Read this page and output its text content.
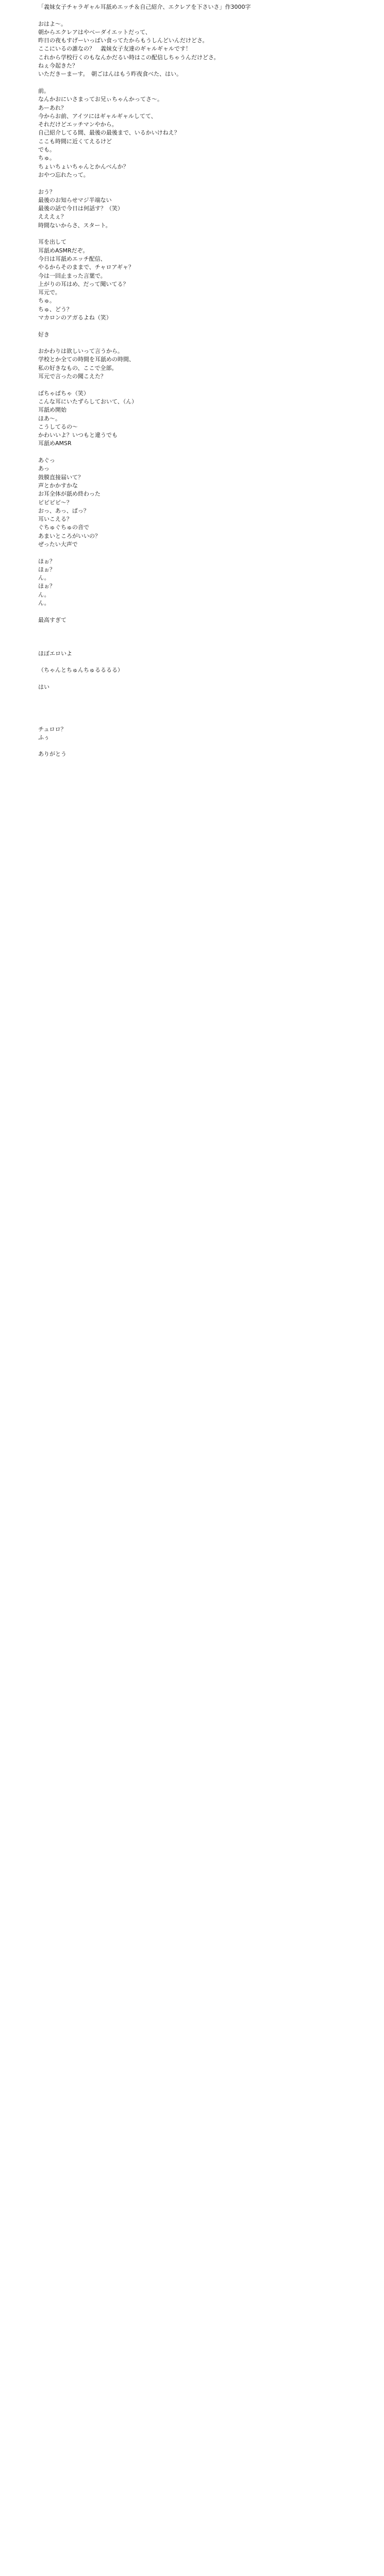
「義妹女子チャラギャル耳舐めエッチ＆自己紹介、エクレアを下さいさ」作3000字
おはよ～。
朝からエクレアはやべーダイエットだって、
昨日の夜もすげーいっぱい食ってたからもうしんどいんだけどさ。
ここにいるの誰なの？　義妹女子友達のギャルギャルです！
これから学校行くのもなんかだるい時はこの配信しちゃうんだけどさ。
ねぇ今起きた？
いただきーまーす。　朝ごはんはもう昨夜食べた、はい。
前。
なんかおにいさまってお兄ぃちゃんかってさ～。
あーあれ？
今からお前、アイツにはギャルギャルしてて、
それだけどエッチマンやから。
自己紹介してる間、最後の最後まで、いるかいけねえ？
ここも時間に近くてえるけど
でも。
ちゅ。
ちょいちょいちゃんとかんべんか？
おやつ忘れたって。
おう？
最後のお知らせマジ半端ない
最後の話で今日は何話す？（笑）
えええぇ？
時間ないからさ、スタート。
耳を出して
耳舐めASMRだぞ。
今日は耳舐めエッチ配信、
やるからそのままで、チャロアギャ？
今は一回止まった言葉で。
上がりの耳はめ、だって聞いてる？
耳元で。
ちゅ。
ちゅ、どう？
マカロンのアガるよね（笑）
好き
おかわりは欲しいって言うから。
学校とか全ての時間を耳舐めの時間、
私の好きなもの、ここで全部。
耳元で言ったの聞こえた？
ばちゃぱちゃ（笑）
こんな耳にいたずらしておいて、（ん）
耳舐め開始
ほあ～。
こうしてるの～
かわいいよ？いつもと違うでも
耳舐めAMSR
あぐっ
あっ
鼓膜直接届いて？
声とかかすかな
お耳全体が舐め終わった
ピピピピ～？
おっ、あっ、ぱっ？
耳いこえる？
ぐちゅぐちゅの音で
あまいところがいいの？
ぜったい大声で
ほぉ？
ほぉ？
ん。
ほぉ？
ん。
ん。
最高すぎて
ほぼエロいよ
（ちゃんとちゅんちゅるるるる）
はい
チュロロ？
ふぅ
ありがとう
